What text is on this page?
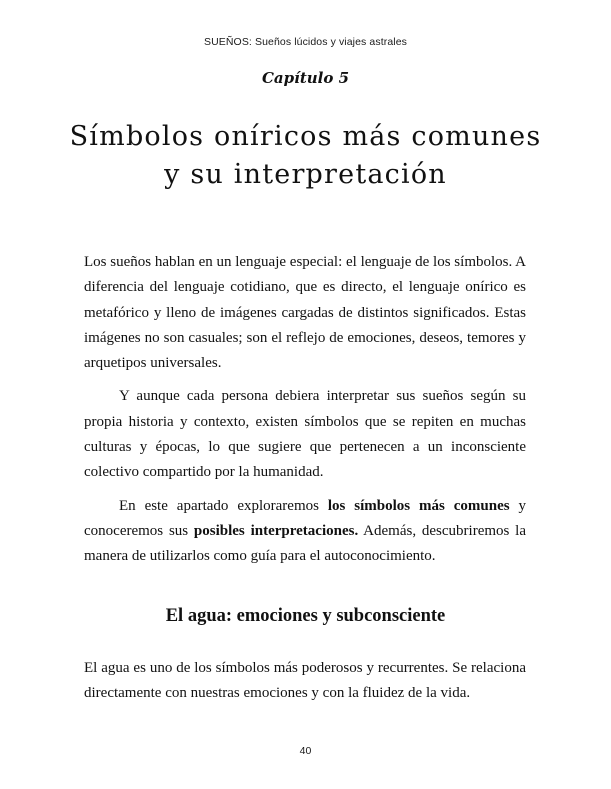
SUEÑOS: Sueños lúcidos y viajes astrales
Capítulo 5
Símbolos oníricos más comunes
y su interpretación

Los sueños hablan en un lenguaje especial: el lenguaje de los símbolos. A diferencia del lenguaje cotidiano, que es directo, el lenguaje onírico es metafórico y lleno de imágenes cargadas de distintos significados. Estas imágenes no son casuales; son el reflejo de emociones, deseos, temores y arquetipos universales.

Y aunque cada persona debiera interpretar sus sueños según su propia historia y contexto, existen símbolos que se repiten en muchas culturas y épocas, lo que sugiere que pertenecen a un inconsciente colectivo compartido por la humanidad.

En este apartado exploraremos los símbolos más comunes y conoceremos sus posibles interpretaciones. Además, descubriremos la manera de utilizarlos como guía para el autoconocimiento.

El agua: emociones y subconsciente
El agua es uno de los símbolos más poderosos y recurrentes. Se relaciona directamente con nuestras emociones y con la fluidez de la vida.
40
